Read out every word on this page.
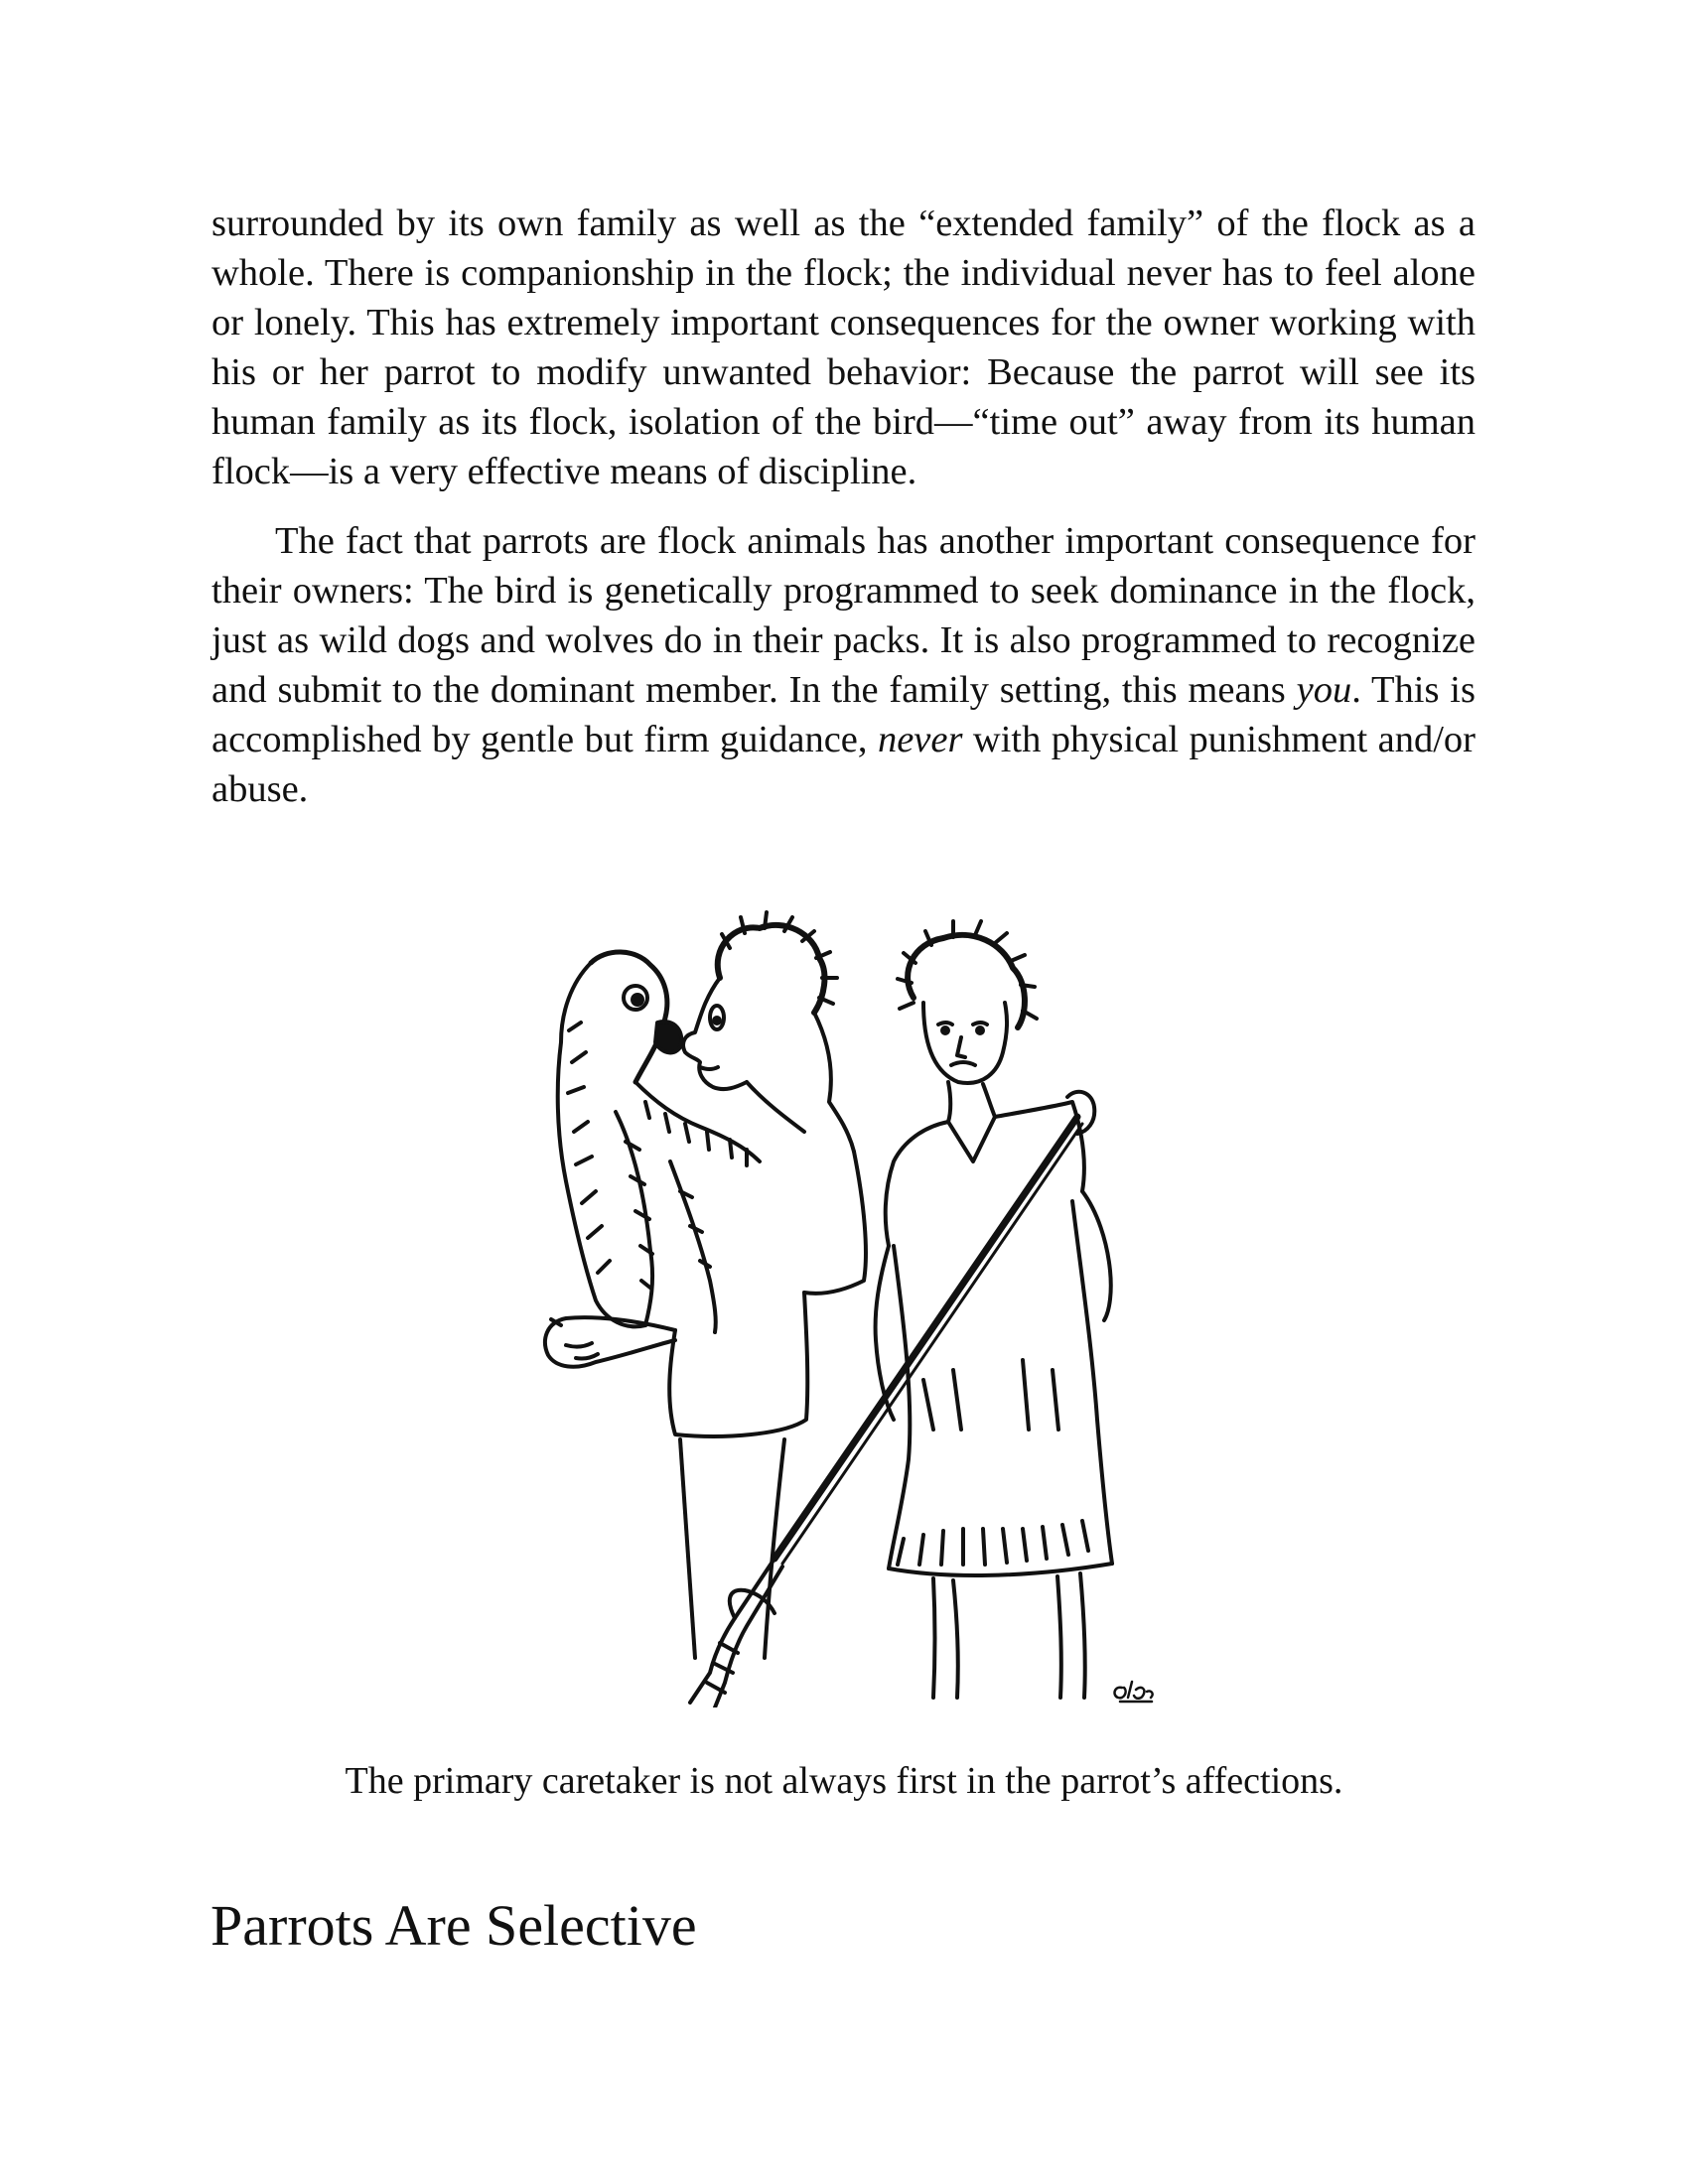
surrounded by its own family as well as the “extended family” of the flock as a whole. There is companionship in the flock; the individual never has to feel alone or lonely. This has extremely important consequences for the owner working with his or her parrot to modify unwanted behavior: Because the parrot will see its human family as its flock, isolation of the bird—“time out” away from its human flock—is a very effective means of discipline.

The fact that parrots are flock animals has another important consequence for their owners: The bird is genetically programmed to seek dominance in the flock, just as wild dogs and wolves do in their packs. It is also programmed to recognize and submit to the dominant member. In the family setting, this means you. This is accomplished by gentle but firm guidance, never with physical punishment and/or abuse.

The primary caretaker is not always first in the parrot’s affections.
Parrots Are Selective
